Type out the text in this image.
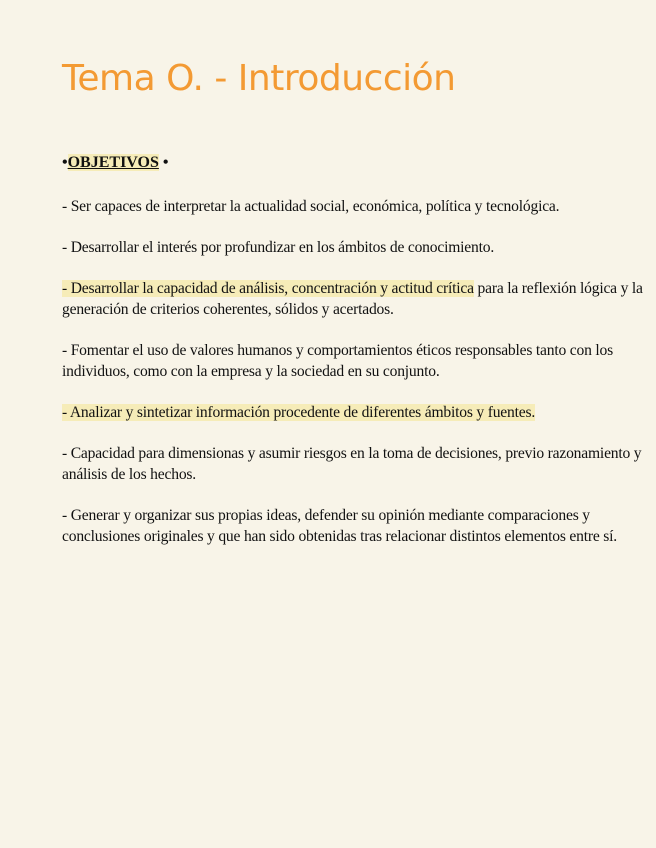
Tema O. - Introducción
•OBJETIVOS •

- Ser capaces de interpretar la actualidad social, económica, política y tecnológica.

- Desarrollar el interés por profundizar en los ámbitos de conocimiento.

- Desarrollar la capacidad de análisis, concentración y actitud crítica para la reflexión lógica y la generación de criterios coherentes, sólidos y acertados.

- Fomentar el uso de valores humanos y comportamientos éticos responsables tanto con los individuos, como con la empresa y la sociedad en su conjunto.

- Analizar y sintetizar información procedente de diferentes ámbitos y fuentes.

- Capacidad para dimensionas y asumir riesgos en la toma de decisiones, previo razonamiento y análisis de los hechos.

- Generar y organizar sus propias ideas, defender su opinión mediante comparaciones y conclusiones originales y que han sido obtenidas tras relacionar distintos elementos entre sí.
